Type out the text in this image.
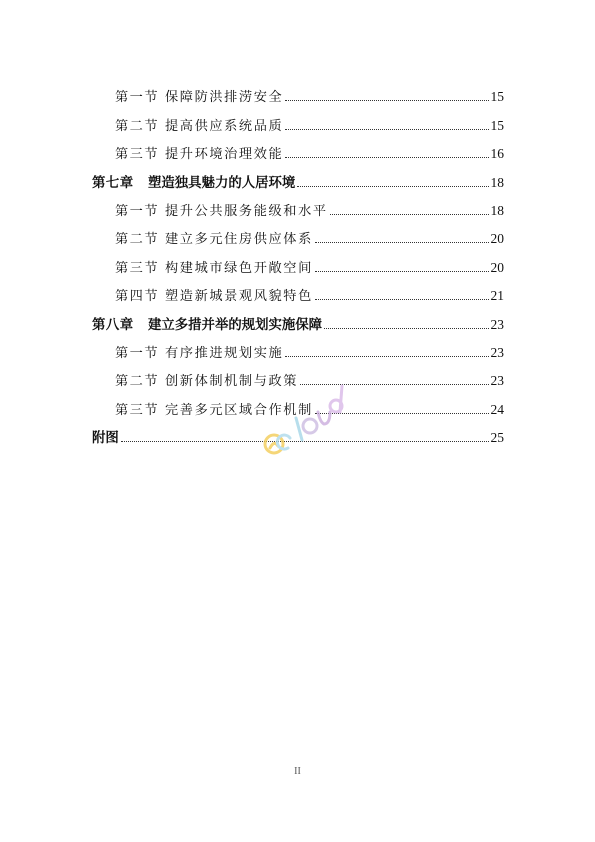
第一节 保障防洪排涝安全	15
第二节 提高供应系统品质	15
第三节 提升环境治理效能	16
第七章 塑造独具魅力的人居环境	18
第一节 提升公共服务能级和水平	18
第二节 建立多元住房供应体系	20
第三节 构建城市绿色开敞空间	20
第四节 塑造新城景观风貌特色	21
第八章 建立多措并举的规划实施保障	23
第一节 有序推进规划实施	23
第二节 创新体制机制与政策	23
第三节 完善多元区域合作机制	24
附图	25
II
